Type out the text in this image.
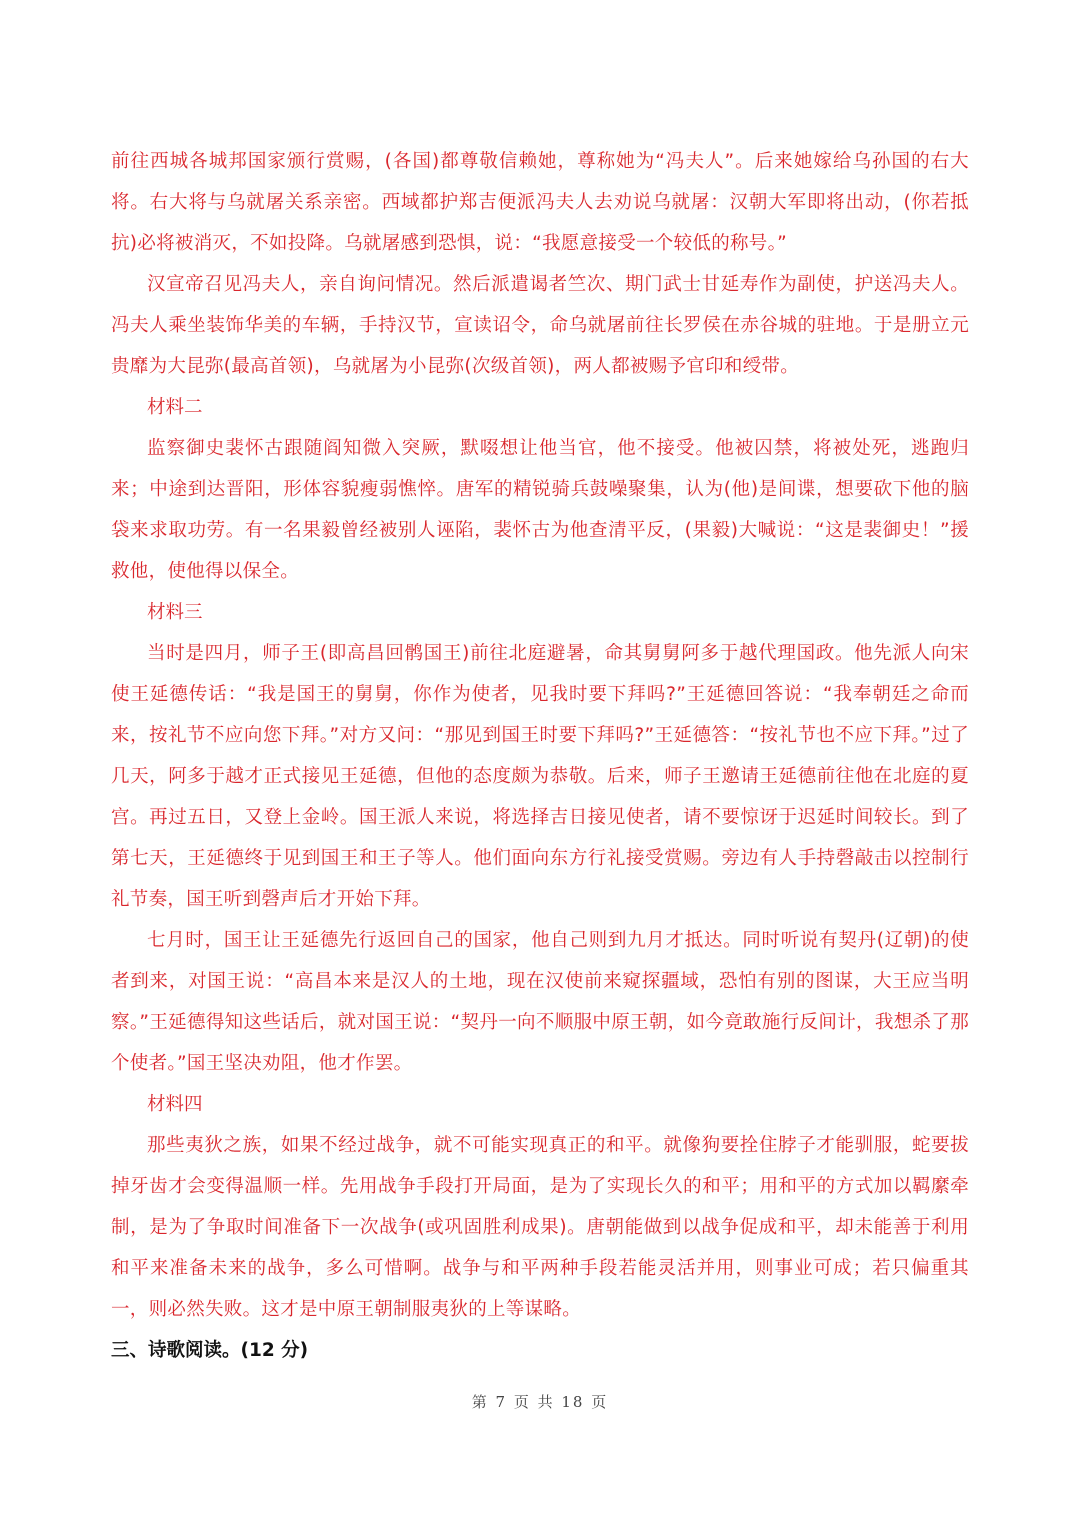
前往西城各城邦国家颁行赏赐，(各国)都尊敬信赖她，尊称她为“冯夫人”。后来她嫁给乌孙国的右大将。右大将与乌就屠关系亲密。西域都护郑吉便派冯夫人去劝说乌就屠：汉朝大军即将出动，(你若抵抗)必将被消灭，不如投降。乌就屠感到恐惧，说：“我愿意接受一个较低的称号。”

汉宣帝召见冯夫人，亲自询问情况。然后派遣谒者竺次、期门武士甘延寿作为副使，护送冯夫人。冯夫人乘坐装饰华美的车辆，手持汉节，宣读诏令，命乌就屠前往长罗侯在赤谷城的驻地。于是册立元贵靡为大昆弥(最高首领)，乌就屠为小昆弥(次级首领)，两人都被赐予官印和绶带。

材料二

监察御史裴怀古跟随阎知微入突厥，默啜想让他当官，他不接受。他被囚禁，将被处死，逃跑归来；中途到达晋阳，形体容貌瘦弱憔悴。唐军的精锐骑兵鼓噪聚集，认为(他)是间谍，想要砍下他的脑袋来求取功劳。有一名果毅曾经被别人诬陷，裴怀古为他查清平反，(果毅)大喊说：“这是裴御史！”援救他，使他得以保全。

材料三

当时是四月，师子王(即高昌回鹘国王)前往北庭避暑，命其舅舅阿多于越代理国政。他先派人向宋使王延德传话：“我是国王的舅舅，你作为使者，见我时要下拜吗?”王延德回答说：“我奉朝廷之命而来，按礼节不应向您下拜。”对方又问：“那见到国王时要下拜吗?”王延德答：“按礼节也不应下拜。”过了几天，阿多于越才正式接见王延德，但他的态度颇为恭敬。后来，师子王邀请王延德前往他在北庭的夏宫。再过五日，又登上金岭。国王派人来说，将选择吉日接见使者，请不要惊讶于迟延时间较长。到了第七天，王延德终于见到国王和王子等人。他们面向东方行礼接受赏赐。旁边有人手持磬敲击以控制行礼节奏，国王听到磬声后才开始下拜。

七月时，国王让王延德先行返回自己的国家，他自己则到九月才抵达。同时听说有契丹(辽朝)的使者到来，对国王说：“高昌本来是汉人的土地，现在汉使前来窥探疆域，恐怕有别的图谋，大王应当明察。”王延德得知这些话后，就对国王说：“契丹一向不顺服中原王朝，如今竟敢施行反间计，我想杀了那个使者。”国王坚决劝阻，他才作罢。

材料四

那些夷狄之族，如果不经过战争，就不可能实现真正的和平。就像狗要拴住脖子才能驯服，蛇要拔掉牙齿才会变得温顺一样。先用战争手段打开局面，是为了实现长久的和平；用和平的方式加以羁縻牵制，是为了争取时间准备下一次战争(或巩固胜利成果)。唐朝能做到以战争促成和平，却未能善于利用和平来准备未来的战争，多么可惜啊。战争与和平两种手段若能灵活并用，则事业可成；若只偏重其一，则必然失败。这才是中原王朝制服夷狄的上等谋略。

三、诗歌阅读。(12 分)

第 7 页 共 18 页
